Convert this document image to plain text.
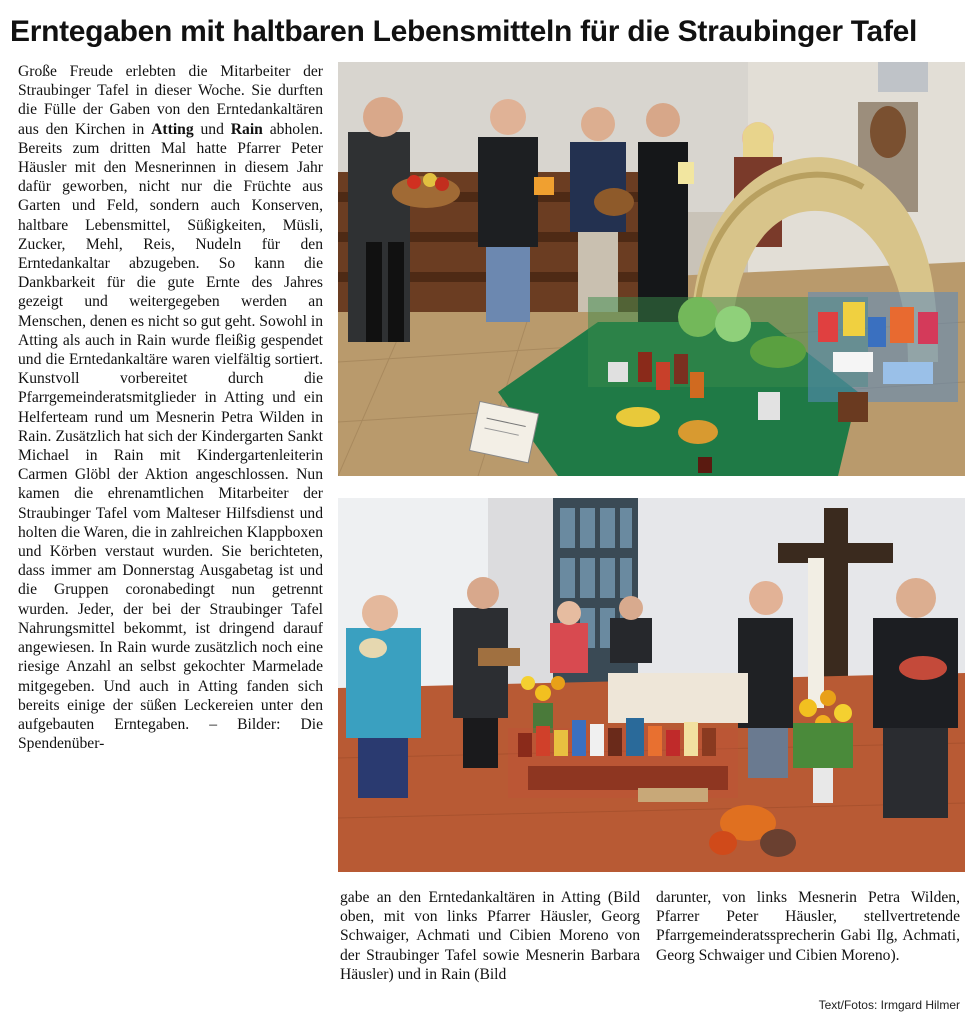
Erntegaben mit haltbaren Lebensmitteln für die Straubinger Tafel

Große Freude erlebten die Mitarbeiter der Straubinger Tafel in dieser Woche. Sie durften die Fülle der Gaben von den Erntedankaltären aus den Kirchen in Atting und Rain abholen. Bereits zum dritten Mal hatte Pfarrer Peter Häusler mit den Mesnerinnen in diesem Jahr dafür geworben, nicht nur die Früchte aus Garten und Feld, sondern auch Konserven, haltbare Lebensmittel, Süßigkeiten, Müsli, Zucker, Mehl, Reis, Nudeln für den Erntedankaltar abzugeben. So kann die Dankbarkeit für die gute Ernte des Jahres gezeigt und weitergegeben werden an Menschen, denen es nicht so gut geht. Sowohl in Atting als auch in Rain wurde fleißig gespendet und die Erntedankaltäre waren vielfältig sortiert. Kunstvoll vorbereitet durch die Pfarrgemeinderatsmitglieder in Atting und ein Helferteam rund um Mesnerin Petra Wilden in Rain. Zusätzlich hat sich der Kindergarten Sankt Michael in Rain mit Kindergartenleiterin Carmen Glöbl der Aktion angeschlossen. Nun kamen die ehrenamtlichen Mitarbeiter der Straubinger Tafel vom Malteser Hilfsdienst und holten die Waren, die in zahlreichen Klappboxen und Körben verstaut wurden. Sie berichteten, dass immer am Donnerstag Ausgabetag ist und die Gruppen coronabedingt nun getrennt wurden. Jeder, der bei der Straubinger Tafel Nahrungsmittel bekommt, ist dringend darauf angewiesen. In Rain wurde zusätzlich noch eine riesige Anzahl an selbst gekochter Marmelade mitgegeben. Und auch in Atting fanden sich bereits einige der süßen Leckereien unter den aufgebauten Erntegaben. – Bilder: Die Spendenüber-

gabe an den Erntedankaltären in Atting (Bild oben, mit von links Pfarrer Häusler, Georg Schwaiger, Achmati und Cibien Moreno von der Straubinger Tafel sowie Mesnerin Barbara Häusler) und in Rain (Bild
darunter, von links Mesnerin Petra Wilden, Pfarrer Peter Häusler, stellvertretende Pfarrgemeinderatssprecherin Gabi Ilg, Achmati, Georg Schwaiger und Cibien Moreno).
Text/Fotos: Irmgard Hilmer
